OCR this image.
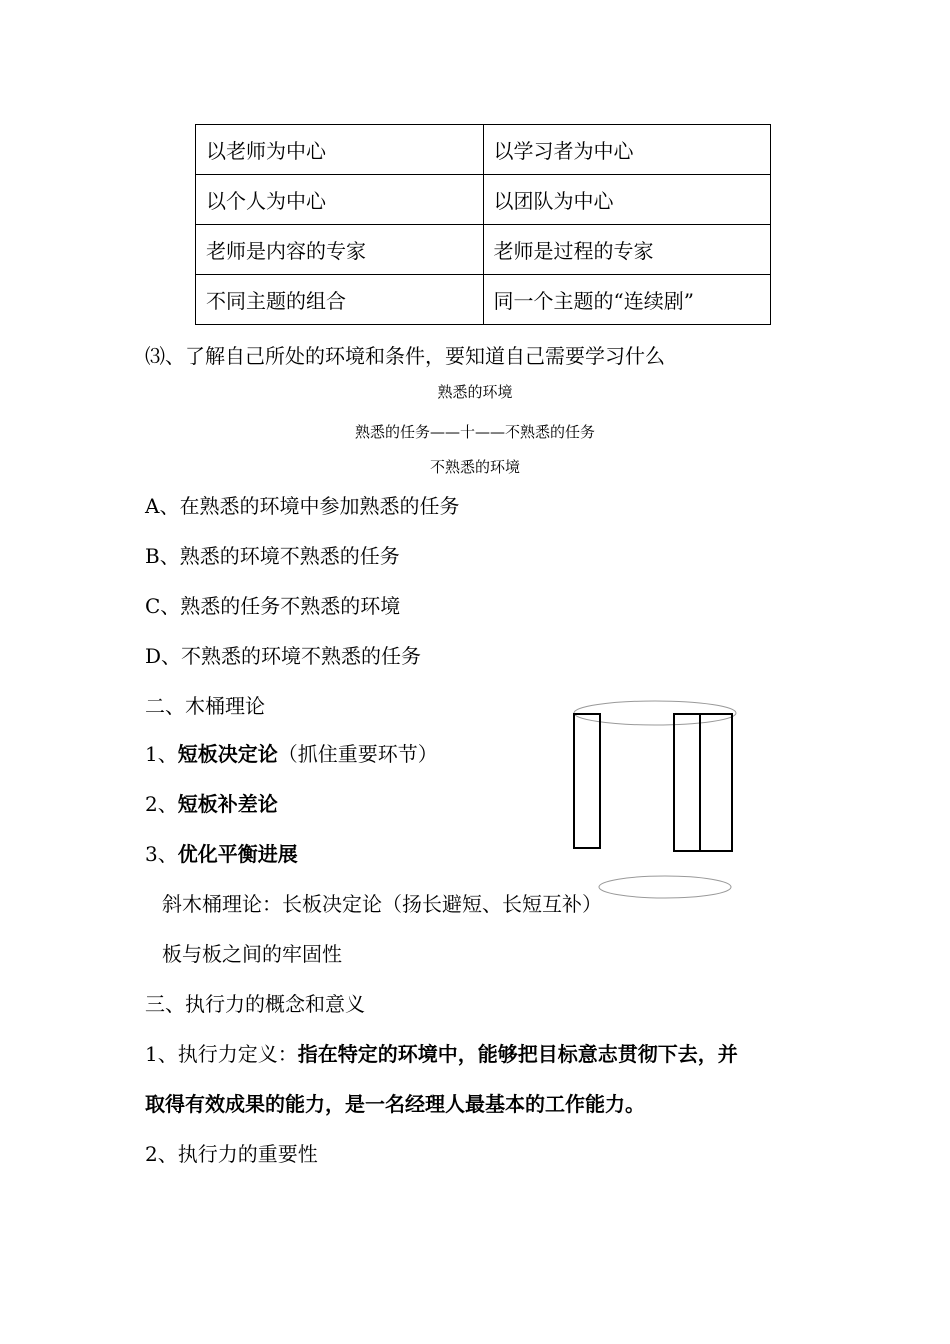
以老师为中心	以学习者为中心
以个人为中心	以团队为中心
老师是内容的专家	老师是过程的专家
不同主题的组合	同一个主题的“连续剧”
⑶、了解自己所处的环境和条件，要知道自己需要学习什么
熟悉的环境
熟悉的任务——十——不熟悉的任务
不熟悉的环境
A、在熟悉的环境中参加熟悉的任务
B、熟悉的环境不熟悉的任务
C、熟悉的任务不熟悉的环境
D、不熟悉的环境不熟悉的任务
二、木桶理论
1、短板决定论（抓住重要环节）
2、短板补差论
3、优化平衡进展
斜木桶理论：长板决定论（扬长避短、长短互补）
板与板之间的牢固性
三、执行力的概念和意义
1、执行力定义：指在特定的环境中，能够把目标意志贯彻下去，并
取得有效成果的能力，是一名经理人最基本的工作能力。
2、执行力的重要性
